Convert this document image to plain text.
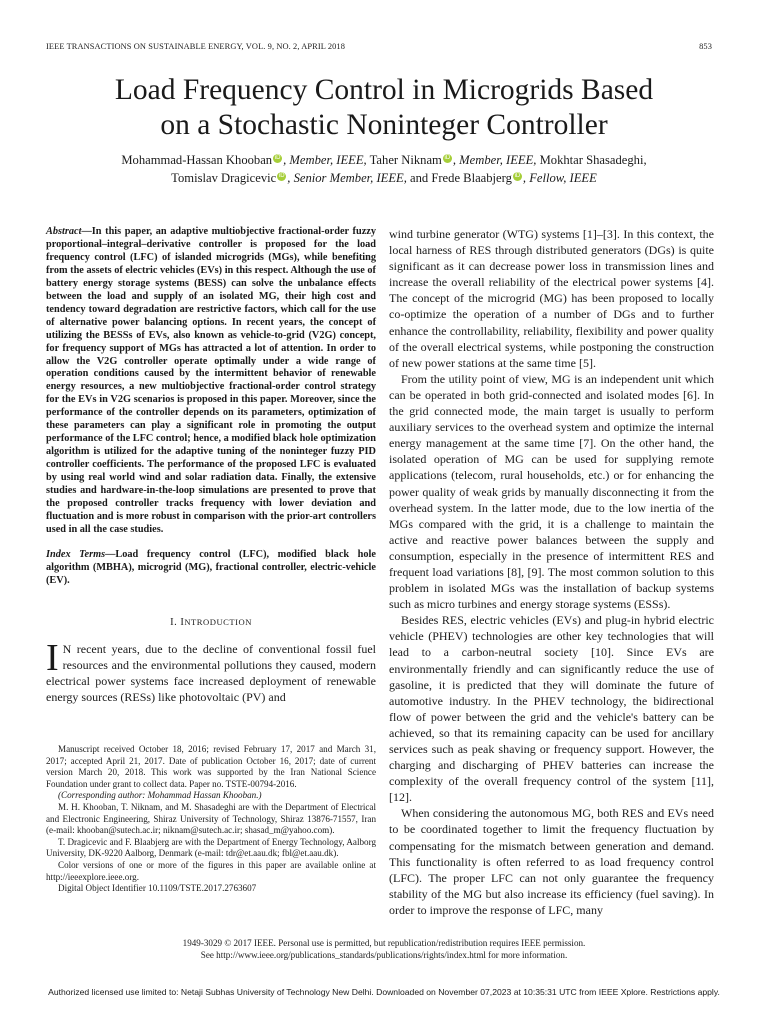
IEEE TRANSACTIONS ON SUSTAINABLE ENERGY, VOL. 9, NO. 2, APRIL 2018	853
Load Frequency Control in Microgrids Based
on a Stochastic Noninteger Controller
Mohammad-Hassan Khooban iD , Member, IEEE, Taher Niknam iD , Member, IEEE, Mokhtar Shasadeghi,
Tomislav Dragicevic iD , Senior Member, IEEE, and Frede Blaabjerg iD , Fellow, IEEE

Abstract—In this paper, an adaptive multiobjective fractional-order fuzzy proportional–integral–derivative controller is proposed for the load frequency control (LFC) of islanded microgrids (MGs), while benefiting from the assets of electric vehicles (EVs) in this respect. Although the use of battery energy storage systems (BESS) can solve the unbalance effects between the load and supply of an isolated MG, their high cost and tendency toward degradation are restrictive factors, which call for the use of alternative power balancing options. In recent years, the concept of utilizing the BESSs of EVs, also known as vehicle-to-grid (V2G) concept, for frequency support of MGs has attracted a lot of attention. In order to allow the V2G controller operate optimally under a wide range of operation conditions caused by the intermittent behavior of renewable energy resources, a new multiobjective fractional-order control strategy for the EVs in V2G scenarios is proposed in this paper. Moreover, since the performance of the controller depends on its parameters, optimization of these parameters can play a significant role in promoting the output performance of the LFC control; hence, a modified black hole optimization algorithm is utilized for the adaptive tuning of the noninteger fuzzy PID controller coefficients. The performance of the proposed LFC is evaluated by using real world wind and solar radiation data. Finally, the extensive studies and hardware-in-the-loop simulations are presented to prove that the proposed controller tracks frequency with lower deviation and fluctuation and is more robust in comparison with the prior-art controllers used in all the case studies.

Index Terms—Load frequency control (LFC), modified black hole algorithm (MBHA), microgrid (MG), fractional controller, electric-vehicle (EV).

I. INTRODUCTION

I N recent years, due to the decline of conventional fossil fuel resources and the environmental pollutions they caused, modern electrical power systems face increased deployment of renewable energy sources (RESs) like photovoltaic (PV) and

Manuscript received October 18, 2016; revised February 17, 2017 and March 31, 2017; accepted April 21, 2017. Date of publication October 16, 2017; date of current version March 20, 2018. This work was supported by the Iran National Science Foundation under grant to collect data. Paper no. TSTE-00794-2016.

(Corresponding author: Mohammad Hassan Khooban.)

M. H. Khooban, T. Niknam, and M. Shasadeghi are with the Department of Electrical and Electronic Engineering, Shiraz University of Technology, Shiraz 13876-71557, Iran (e-mail: khooban@sutech.ac.ir; niknam@sutech.ac.ir; shasad_m@yahoo.com).

T. Dragicevic and F. Blaabjerg are with the Department of Energy Technology, Aalborg University, DK-9220 Aalborg, Denmark (e-mail: tdr@et.aau.dk; fbl@et.aau.dk).

Color versions of one or more of the figures in this paper are available online at http://ieeexplore.ieee.org.

Digital Object Identifier 10.1109/TSTE.2017.2763607

wind turbine generator (WTG) systems [1]–[3]. In this context, the local harness of RES through distributed generators (DGs) is quite significant as it can decrease power loss in transmission lines and increase the overall reliability of the electrical power systems [4]. The concept of the microgrid (MG) has been proposed to locally co-optimize the operation of a number of DGs and to further enhance the controllability, reliability, flexibility and power quality of the overall electrical systems, while postponing the construction of new power stations at the same time [5].

From the utility point of view, MG is an independent unit which can be operated in both grid-connected and isolated modes [6]. In the grid connected mode, the main target is usually to perform auxiliary services to the overhead system and optimize the internal energy management at the same time [7]. On the other hand, the isolated operation of MG can be used for supplying remote applications (telecom, rural households, etc.) or for enhancing the power quality of weak grids by manually disconnecting it from the overhead system. In the latter mode, due to the low inertia of the MGs compared with the grid, it is a challenge to maintain the active and reactive power balances between the supply and consumption, especially in the presence of intermittent RES and frequent load variations [8], [9]. The most common solution to this problem in isolated MGs was the installation of backup systems such as micro turbines and energy storage systems (ESSs).

Besides RES, electric vehicles (EVs) and plug-in hybrid electric vehicle (PHEV) technologies are other key technologies that will lead to a carbon-neutral society [10]. Since EVs are environmentally friendly and can significantly reduce the use of gasoline, it is predicted that they will dominate the future of automotive industry. In the PHEV technology, the bidirectional flow of power between the grid and the vehicle's battery can be achieved, so that its remaining capacity can be used for ancillary services such as peak shaving or frequency support. However, the charging and discharging of PHEV batteries can increase the complexity of the overall frequency control of the system [11], [12].

When considering the autonomous MG, both RES and EVs need to be coordinated together to limit the frequency fluctuation by compensating for the mismatch between generation and demand. This functionality is often referred to as load frequency control (LFC). The proper LFC can not only guarantee the frequency stability of the MG but also increase its efficiency (fuel saving). In order to improve the response of LFC, many

1949-3029 © 2017 IEEE. Personal use is permitted, but republication/redistribution requires IEEE permission.

See http://www.ieee.org/publications_standards/publications/rights/index.html for more information.

Authorized licensed use limited to: Netaji Subhas University of Technology New Delhi. Downloaded on November 07,2023 at 10:35:31 UTC from IEEE Xplore. Restrictions apply.
